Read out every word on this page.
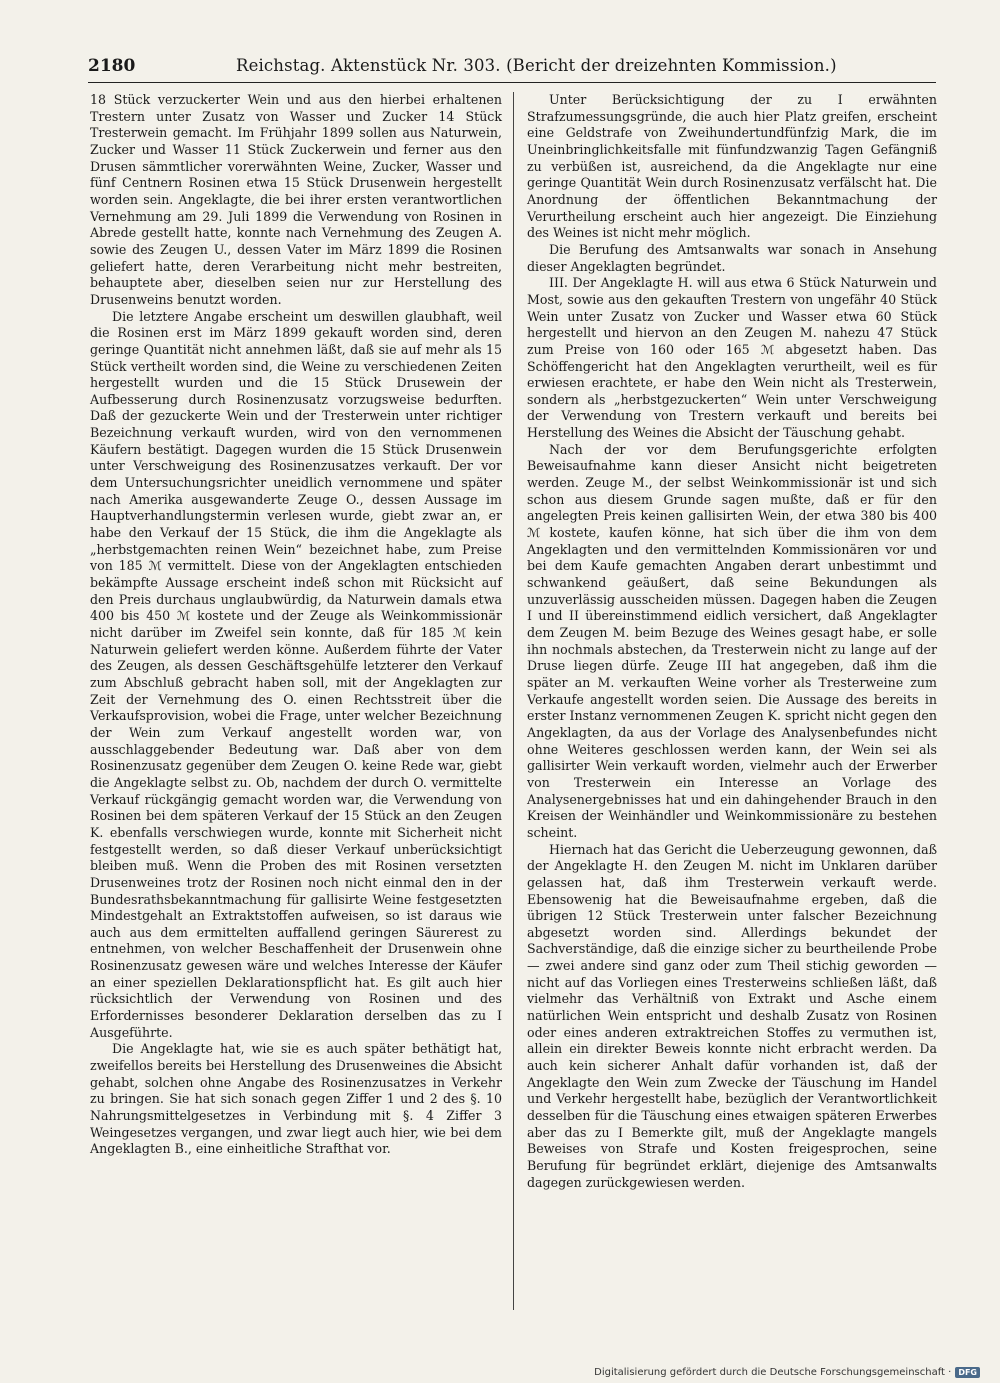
2180	Reichstag. Aktenstück Nr. 303. (Bericht der dreizehnten Kommission.)

18 Stück verzuckerter Wein und aus den hierbei erhaltenen Trestern unter Zusatz von Wasser und Zucker 14 Stück Tresterwein gemacht. Im Frühjahr 1899 sollen aus Naturwein, Zucker und Wasser 11 Stück Zuckerwein und ferner aus den Drusen sämmtlicher vorerwähnten Weine, Zucker, Wasser und fünf Centnern Rosinen etwa 15 Stück Drusenwein hergestellt worden sein. Angeklagte, die bei ihrer ersten verantwortlichen Vernehmung am 29. Juli 1899 die Verwendung von Rosinen in Abrede gestellt hatte, konnte nach Vernehmung des Zeugen A. sowie des Zeugen U., dessen Vater im März 1899 die Rosinen geliefert hatte, deren Verarbeitung nicht mehr bestreiten, behauptete aber, dieselben seien nur zur Herstellung des Drusenweins benutzt worden.

Die letztere Angabe erscheint um deswillen glaubhaft, weil die Rosinen erst im März 1899 gekauft worden sind, deren geringe Quantität nicht annehmen läßt, daß sie auf mehr als 15 Stück vertheilt worden sind, die Weine zu verschiedenen Zeiten hergestellt wurden und die 15 Stück Drusewein der Aufbesserung durch Rosinenzusatz vorzugsweise bedurften. Daß der gezuckerte Wein und der Tresterwein unter richtiger Bezeichnung verkauft wurden, wird von den vernommenen Käufern bestätigt. Dagegen wurden die 15 Stück Drusenwein unter Verschweigung des Rosinenzusatzes verkauft. Der vor dem Untersuchungsrichter uneidlich vernommene und später nach Amerika ausgewanderte Zeuge O., dessen Aussage im Hauptverhandlungstermin verlesen wurde, giebt zwar an, er habe den Verkauf der 15 Stück, die ihm die Angeklagte als „herbstgemachten reinen Wein“ bezeichnet habe, zum Preise von 185 ℳ vermittelt. Diese von der Angeklagten entschieden bekämpfte Aussage erscheint indeß schon mit Rücksicht auf den Preis durchaus unglaubwürdig, da Naturwein damals etwa 400 bis 450 ℳ kostete und der Zeuge als Weinkommissionär nicht darüber im Zweifel sein konnte, daß für 185 ℳ kein Naturwein geliefert werden könne. Außerdem führte der Vater des Zeugen, als dessen Geschäftsgehülfe letzterer den Verkauf zum Abschluß gebracht haben soll, mit der Angeklagten zur Zeit der Vernehmung des O. einen Rechtsstreit über die Verkaufsprovision, wobei die Frage, unter welcher Bezeichnung der Wein zum Verkauf angestellt worden war, von ausschlaggebender Bedeutung war. Daß aber von dem Rosinenzusatz gegenüber dem Zeugen O. keine Rede war, giebt die Angeklagte selbst zu. Ob, nachdem der durch O. vermittelte Verkauf rückgängig gemacht worden war, die Verwendung von Rosinen bei dem späteren Verkauf der 15 Stück an den Zeugen K. ebenfalls verschwiegen wurde, konnte mit Sicherheit nicht festgestellt werden, so daß dieser Verkauf unberücksichtigt bleiben muß. Wenn die Proben des mit Rosinen versetzten Drusenweines trotz der Rosinen noch nicht einmal den in der Bundesrathsbekanntmachung für gallisirte Weine festgesetzten Mindestgehalt an Extraktstoffen aufweisen, so ist daraus wie auch aus dem ermittelten auffallend geringen Säurerest zu entnehmen, von welcher Beschaffenheit der Drusenwein ohne Rosinenzusatz gewesen wäre und welches Interesse der Käufer an einer speziellen Deklarationspflicht hat. Es gilt auch hier rücksichtlich der Verwendung von Rosinen und des Erfordernisses besonderer Deklaration derselben das zu I Ausgeführte.

Die Angeklagte hat, wie sie es auch später bethätigt hat, zweifellos bereits bei Herstellung des Drusenweines die Absicht gehabt, solchen ohne Angabe des Rosinenzusatzes in Verkehr zu bringen. Sie hat sich sonach gegen Ziffer 1 und 2 des §. 10 Nahrungsmittelgesetzes in Verbindung mit §. 4 Ziffer 3 Weingesetzes vergangen, und zwar liegt auch hier, wie bei dem Angeklagten B., eine einheitliche Strafthat vor.

Unter Berücksichtigung der zu I erwähnten Strafzumessungsgründe, die auch hier Platz greifen, erscheint eine Geldstrafe von Zweihundertundfünfzig Mark, die im Uneinbringlichkeitsfalle mit fünfundzwanzig Tagen Gefängniß zu verbüßen ist, ausreichend, da die Angeklagte nur eine geringe Quantität Wein durch Rosinenzusatz verfälscht hat. Die Anordnung der öffentlichen Bekanntmachung der Verurtheilung erscheint auch hier angezeigt. Die Einziehung des Weines ist nicht mehr möglich.

Die Berufung des Amtsanwalts war sonach in Ansehung dieser Angeklagten begründet.

III. Der Angeklagte H. will aus etwa 6 Stück Naturwein und Most, sowie aus den gekauften Trestern von ungefähr 40 Stück Wein unter Zusatz von Zucker und Wasser etwa 60 Stück hergestellt und hiervon an den Zeugen M. nahezu 47 Stück zum Preise von 160 oder 165 ℳ abgesetzt haben. Das Schöffengericht hat den Angeklagten verurtheilt, weil es für erwiesen erachtete, er habe den Wein nicht als Tresterwein, sondern als „herbstgezuckerten“ Wein unter Verschweigung der Verwendung von Trestern verkauft und bereits bei Herstellung des Weines die Absicht der Täuschung gehabt.

Nach der vor dem Berufungsgerichte erfolgten Beweisaufnahme kann dieser Ansicht nicht beigetreten werden. Zeuge M., der selbst Weinkommissionär ist und sich schon aus diesem Grunde sagen mußte, daß er für den angelegten Preis keinen gallisirten Wein, der etwa 380 bis 400 ℳ kostete, kaufen könne, hat sich über die ihm von dem Angeklagten und den vermittelnden Kommissionären vor und bei dem Kaufe gemachten Angaben derart unbestimmt und schwankend geäußert, daß seine Bekundungen als unzuverlässig ausscheiden müssen. Dagegen haben die Zeugen I und II übereinstimmend eidlich versichert, daß Angeklagter dem Zeugen M. beim Bezuge des Weines gesagt habe, er solle ihn nochmals abstechen, da Tresterwein nicht zu lange auf der Druse liegen dürfe. Zeuge III hat angegeben, daß ihm die später an M. verkauften Weine vorher als Tresterweine zum Verkaufe angestellt worden seien. Die Aussage des bereits in erster Instanz vernommenen Zeugen K. spricht nicht gegen den Angeklagten, da aus der Vorlage des Analysenbefundes nicht ohne Weiteres geschlossen werden kann, der Wein sei als gallisirter Wein verkauft worden, vielmehr auch der Erwerber von Tresterwein ein Interesse an Vorlage des Analysenergebnisses hat und ein dahingehender Brauch in den Kreisen der Weinhändler und Weinkommissionäre zu bestehen scheint.

Hiernach hat das Gericht die Ueberzeugung gewonnen, daß der Angeklagte H. den Zeugen M. nicht im Unklaren darüber gelassen hat, daß ihm Tresterwein verkauft werde. Ebensowenig hat die Beweisaufnahme ergeben, daß die übrigen 12 Stück Tresterwein unter falscher Bezeichnung abgesetzt worden sind. Allerdings bekundet der Sachverständige, daß die einzige sicher zu beurtheilende Probe — zwei andere sind ganz oder zum Theil stichig geworden — nicht auf das Vorliegen eines Tresterweins schließen läßt, daß vielmehr das Verhältniß von Extrakt und Asche einem natürlichen Wein entspricht und deshalb Zusatz von Rosinen oder eines anderen extraktreichen Stoffes zu vermuthen ist, allein ein direkter Beweis konnte nicht erbracht werden. Da auch kein sicherer Anhalt dafür vorhanden ist, daß der Angeklagte den Wein zum Zwecke der Täuschung im Handel und Verkehr hergestellt habe, bezüglich der Verantwortlichkeit desselben für die Täuschung eines etwaigen späteren Erwerbes aber das zu I Bemerkte gilt, muß der Angeklagte mangels Beweises von Strafe und Kosten freigesprochen, seine Berufung für begründet erklärt, diejenige des Amtsanwalts dagegen zurückgewiesen werden.

Digitalisierung gefördert durch die Deutsche Forschungsgemeinschaft · DFG
